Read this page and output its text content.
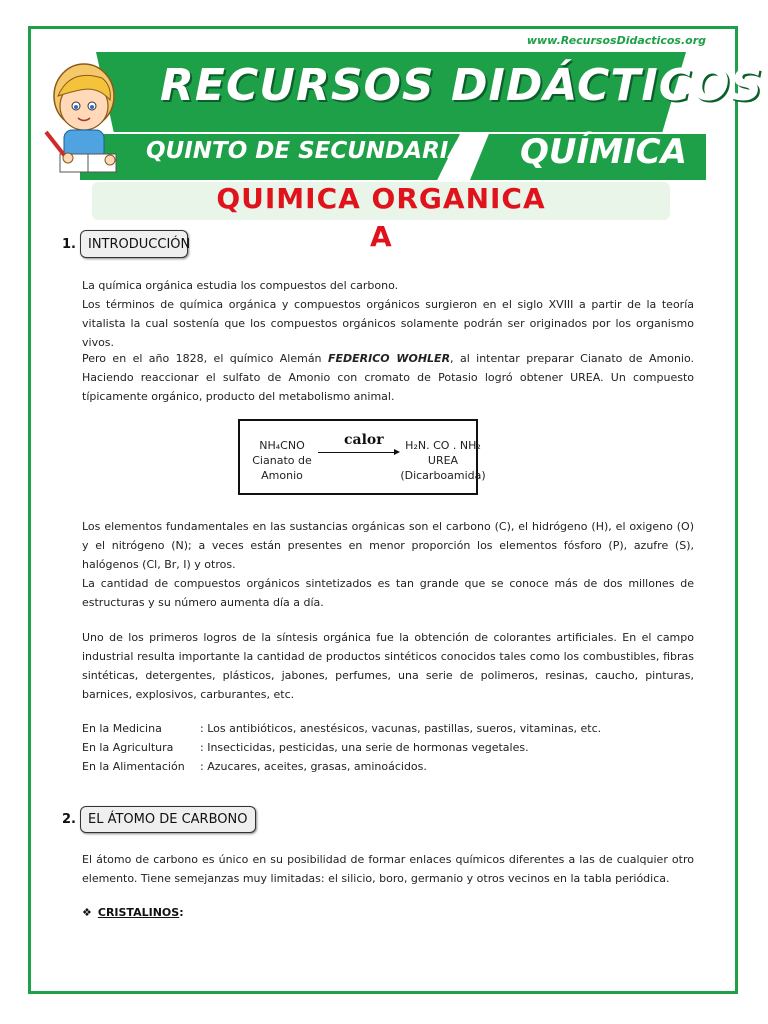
www.RecursosDidacticos.org
RECURSOS DIDÁCTICOS
QUINTO DE SECUNDARIA QUÍMICA
QUIMICA ORGANICA
A
1. INTRODUCCIÓN

La química orgánica estudia los compuestos del carbono.

Los términos de química orgánica y compuestos orgánicos surgieron en el siglo XVIII a partir de la teoría vitalista la cual sostenía que los compuestos orgánicos solamente podrán ser originados por los organismo vivos.

Pero en el año 1828, el químico Alemán FEDERICO WOHLER, al intentar preparar Cianato de Amonio. Haciendo reaccionar el sulfato de Amonio con cromato de Potasio logró obtener UREA. Un compuesto típicamente orgánico, producto del metabolismo animal.

NH₄CNO
Cianato de
Amonio
calor	H₂N. CO . NH₂
UREA
(Dicarboamida)

Los elementos fundamentales en las sustancias orgánicas son el carbono (C), el hidrógeno (H), el oxigeno (O) y el nitrógeno (N); a veces están presentes en menor proporción los elementos fósforo (P), azufre (S), halógenos (Cl, Br, I) y otros.

La cantidad de compuestos orgánicos sintetizados es tan grande que se conoce más de dos millones de estructuras y su número aumenta día a día.

Uno de los primeros logros de la síntesis orgánica fue la obtención de colorantes artificiales. En el campo industrial resulta importante la cantidad de productos sintéticos conocidos tales como los combustibles, fibras sintéticas, detergentes, plásticos, jabones, perfumes, una serie de polimeros, resinas, caucho, pinturas, barnices, explosivos, carburantes, etc.

En la Medicina	: Los antibióticos, anestésicos, vacunas, pastillas, sueros, vitaminas, etc.
En la Agricultura : Insecticidas, pesticidas, una serie de hormonas vegetales.
En la Alimentación : Azucares, aceites, grasas, aminoácidos.
2. EL ÁTOMO DE CARBONO

El átomo de carbono es único en su posibilidad de formar enlaces químicos diferentes a las de cualquier otro elemento. Tiene semejanzas muy limitadas: el silicio, boro, germanio y otros vecinos en la tabla periódica.

❖ CRISTALINOS:
